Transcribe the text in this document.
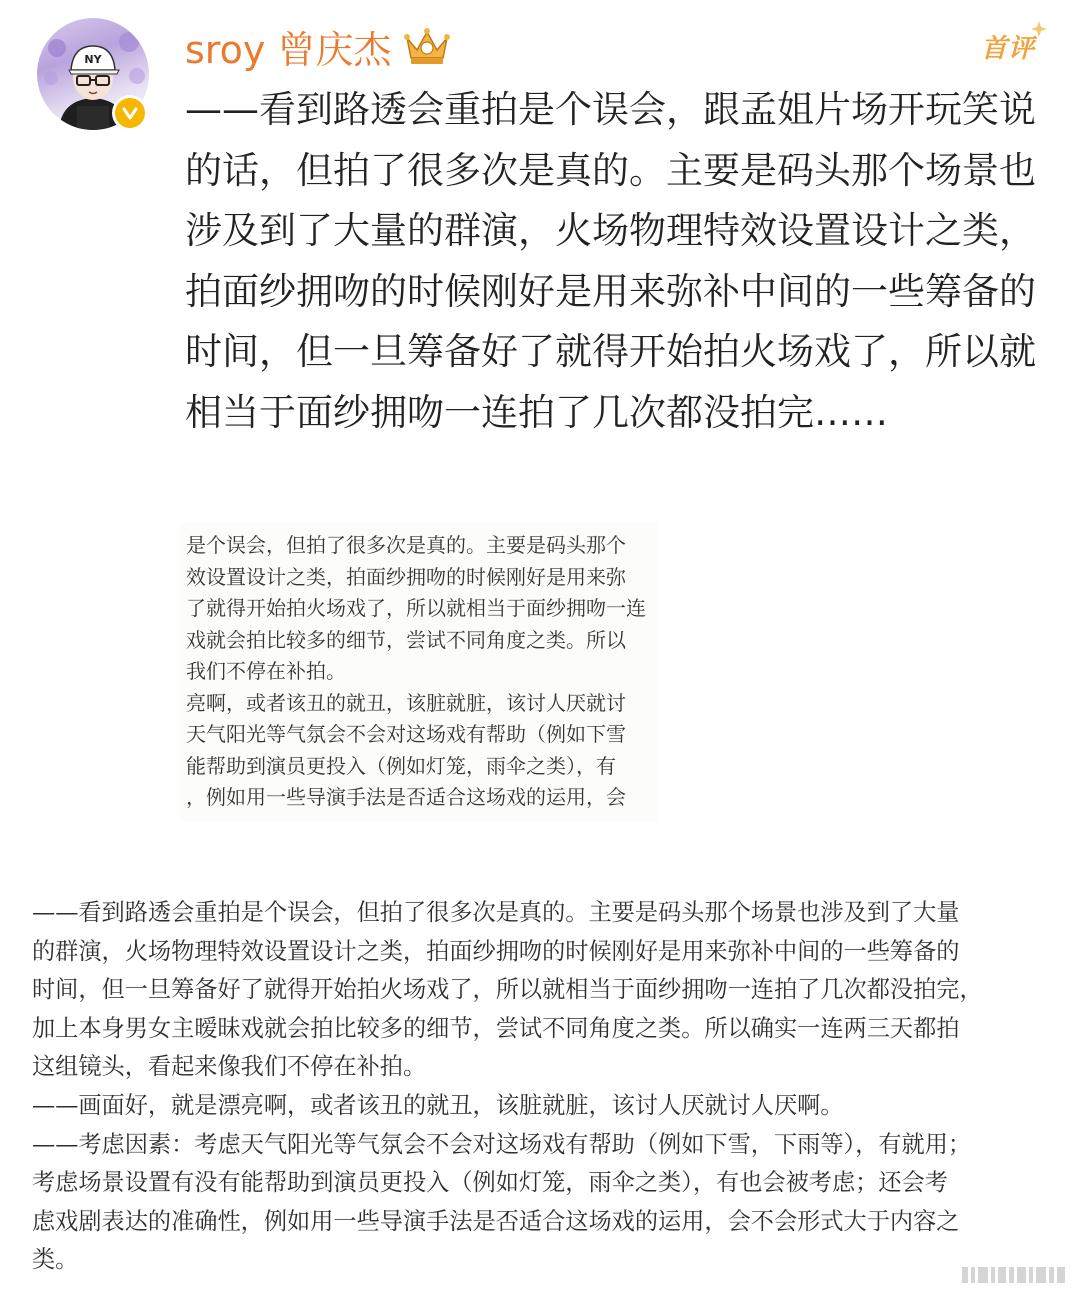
NY sroy 曾庆杰	首评
——看到路透会重拍是个误会，跟孟姐片场开玩笑说的话，但拍了很多次是真的。主要是码头那个场景也涉及到了大量的群演，火场物理特效设置设计之类，拍面纱拥吻的时候刚好是用来弥补中间的一些筹备的时间，但一旦筹备好了就得开始拍火场戏了，所以就相当于面纱拥吻一连拍了几次都没拍完……
是个误会，但拍了很多次是真的。主要是码头那个
效设置设计之类，拍面纱拥吻的时候刚好是用来弥
了就得开始拍火场戏了，所以就相当于面纱拥吻一连
戏就会拍比较多的细节，尝试不同角度之类。所以
我们不停在补拍。
亮啊，或者该丑的就丑，该脏就脏，该讨人厌就讨
天气阳光等气氛会不会对这场戏有帮助（例如下雪
能帮助到演员更投入（例如灯笼，雨伞之类），有
，例如用一些导演手法是否适合这场戏的运用，会
——看到路透会重拍是个误会，但拍了很多次是真的。主要是码头那个场景也涉及到了大量
的群演，火场物理特效设置设计之类，拍面纱拥吻的时候刚好是用来弥补中间的一些筹备的
时间，但一旦筹备好了就得开始拍火场戏了，所以就相当于面纱拥吻一连拍了几次都没拍完，
加上本身男女主暧昧戏就会拍比较多的细节，尝试不同角度之类。所以确实一连两三天都拍
这组镜头，看起来像我们不停在补拍。
——画面好，就是漂亮啊，或者该丑的就丑，该脏就脏，该讨人厌就讨人厌啊。
——考虑因素：考虑天气阳光等气氛会不会对这场戏有帮助（例如下雪，下雨等），有就用；
考虑场景设置有没有能帮助到演员更投入（例如灯笼，雨伞之类），有也会被考虑；还会考
虑戏剧表达的准确性，例如用一些导演手法是否适合这场戏的运用，会不会形式大于内容之
类。
